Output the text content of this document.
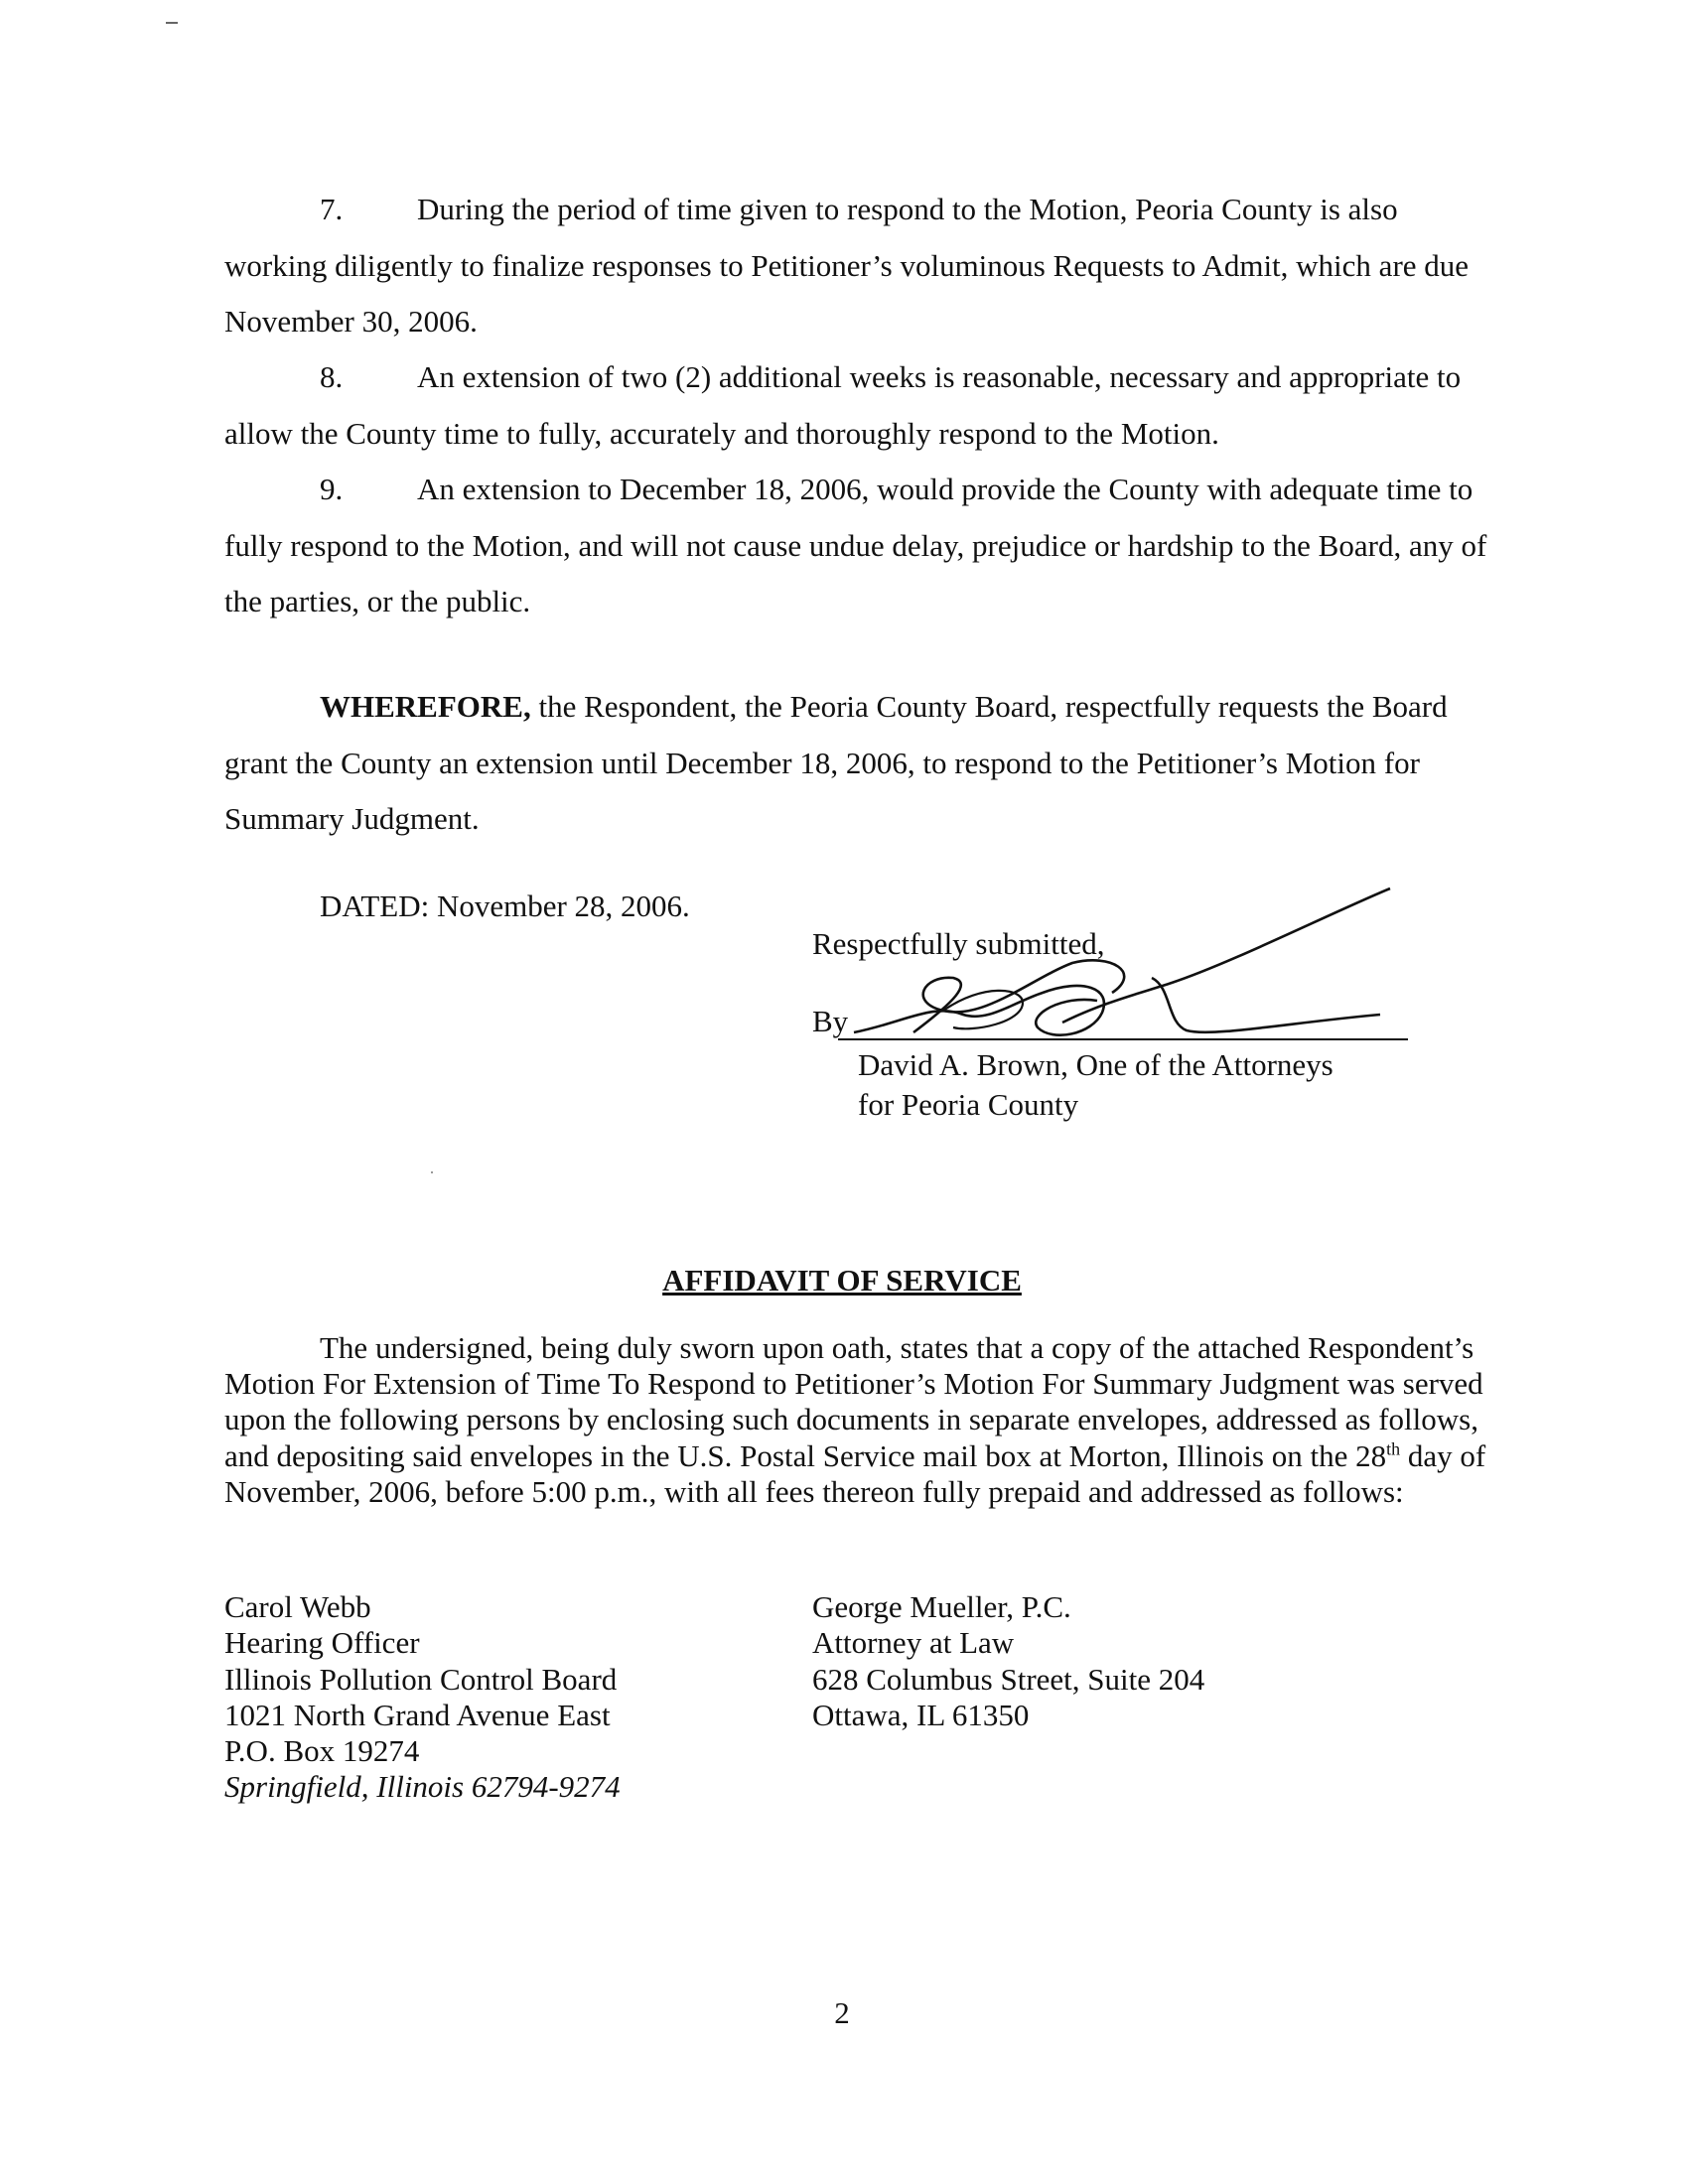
7. During the period of time given to respond to the Motion, Peoria County is also working diligently to finalize responses to Petitioner’s voluminous Requests to Admit, which are due November 30, 2006.

8. An extension of two (2) additional weeks is reasonable, necessary and appropriate to allow the County time to fully, accurately and thoroughly respond to the Motion.

9. An extension to December 18, 2006, would provide the County with adequate time to fully respond to the Motion, and will not cause undue delay, prejudice or hardship to the Board, any of the parties, or the public.

WHEREFORE, the Respondent, the Peoria County Board, respectfully requests the Board grant the County an extension until December 18, 2006, to respond to the Petitioner’s Motion for Summary Judgment.

DATED: November 28, 2006.

Respectfully submitted,
By

David A. Brown, One of the Attorneys
for Peoria County

AFFIDAVIT OF SERVICE

The undersigned, being duly sworn upon oath, states that a copy of the attached Respondent’s Motion For Extension of Time To Respond to Petitioner’s Motion For Summary Judgment was served upon the following persons by enclosing such documents in separate envelopes, addressed as follows, and depositing said envelopes in the U.S. Postal Service mail box at Morton, Illinois on the 28th day of November, 2006, before 5:00 p.m., with all fees thereon fully prepaid and addressed as follows:

Carol Webb
Hearing Officer
Illinois Pollution Control Board
1021 North Grand Avenue East
P.O. Box 19274
Springfield, Illinois 62794-9274

George Mueller, P.C.
Attorney at Law
628 Columbus Street, Suite 204
Ottawa, IL 61350

2
